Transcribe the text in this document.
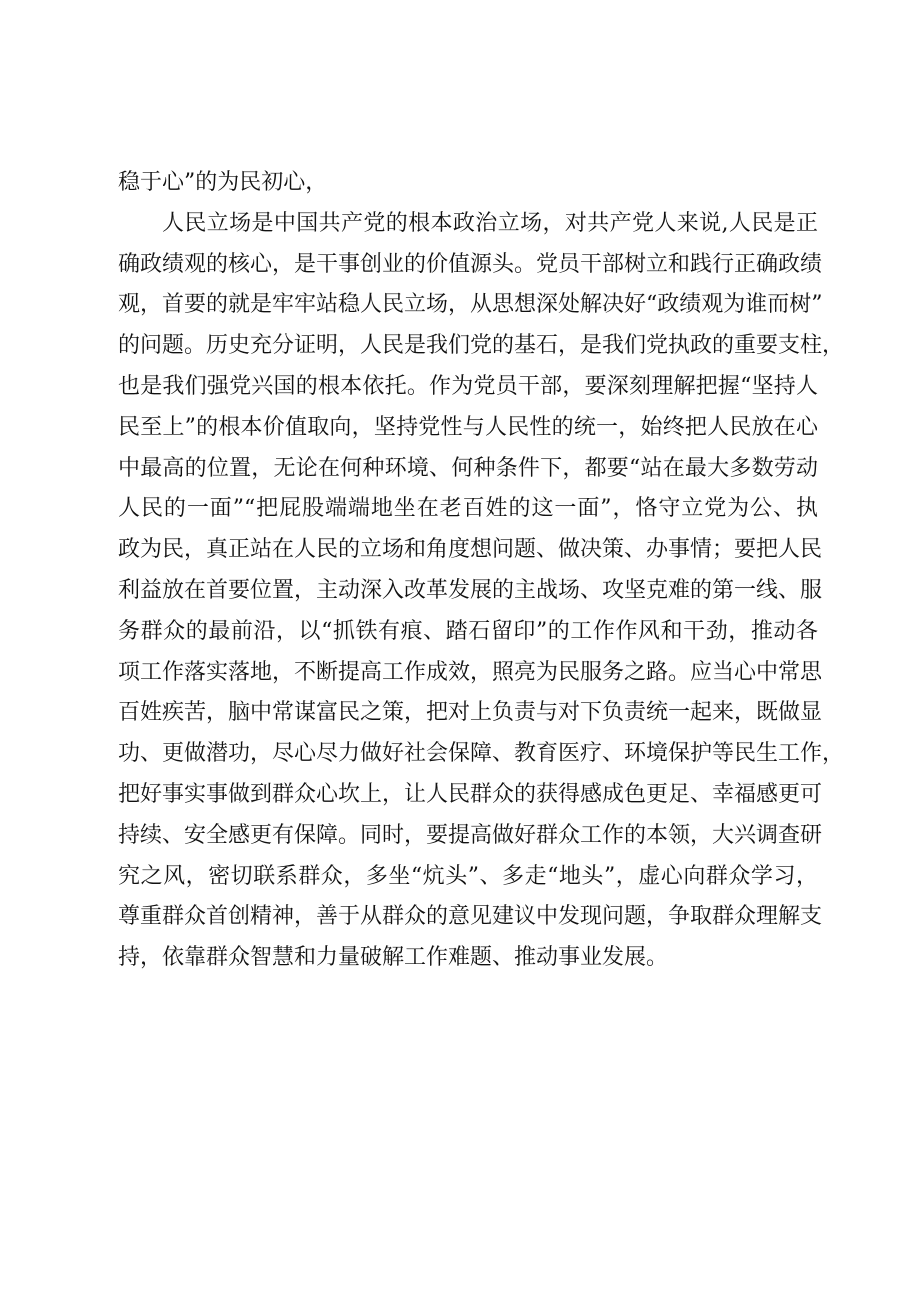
稳于心”的为民初心，
人民立场是中国共产党的根本政治立场，对共产党人来说,人民是正
确政绩观的核心，是干事创业的价值源头。党员干部树立和践行正确政绩
观，首要的就是牢牢站稳人民立场，从思想深处解决好“政绩观为谁而树”
的问题。历史充分证明，人民是我们党的基石，是我们党执政的重要支柱，
也是我们强党兴国的根本依托。作为党员干部，要深刻理解把握“坚持人
民至上”的根本价值取向，坚持党性与人民性的统一，始终把人民放在心
中最高的位置，无论在何种环境、何种条件下，都要“站在最大多数劳动
人民的一面”“把屁股端端地坐在老百姓的这一面”，恪守立党为公、执
政为民，真正站在人民的立场和角度想问题、做决策、办事情；要把人民
利益放在首要位置，主动深入改革发展的主战场、攻坚克难的第一线、服
务群众的最前沿，以“抓铁有痕、踏石留印”的工作作风和干劲，推动各
项工作落实落地，不断提高工作成效，照亮为民服务之路。应当心中常思
百姓疾苦，脑中常谋富民之策，把对上负责与对下负责统一起来，既做显
功、更做潜功，尽心尽力做好社会保障、教育医疗、环境保护等民生工作，
把好事实事做到群众心坎上，让人民群众的获得感成色更足、幸福感更可
持续、安全感更有保障。同时，要提高做好群众工作的本领，大兴调查研
究之风，密切联系群众，多坐“炕头”、多走“地头”，虚心向群众学习，
尊重群众首创精神，善于从群众的意见建议中发现问题，争取群众理解支
持，依靠群众智慧和力量破解工作难题、推动事业发展。
